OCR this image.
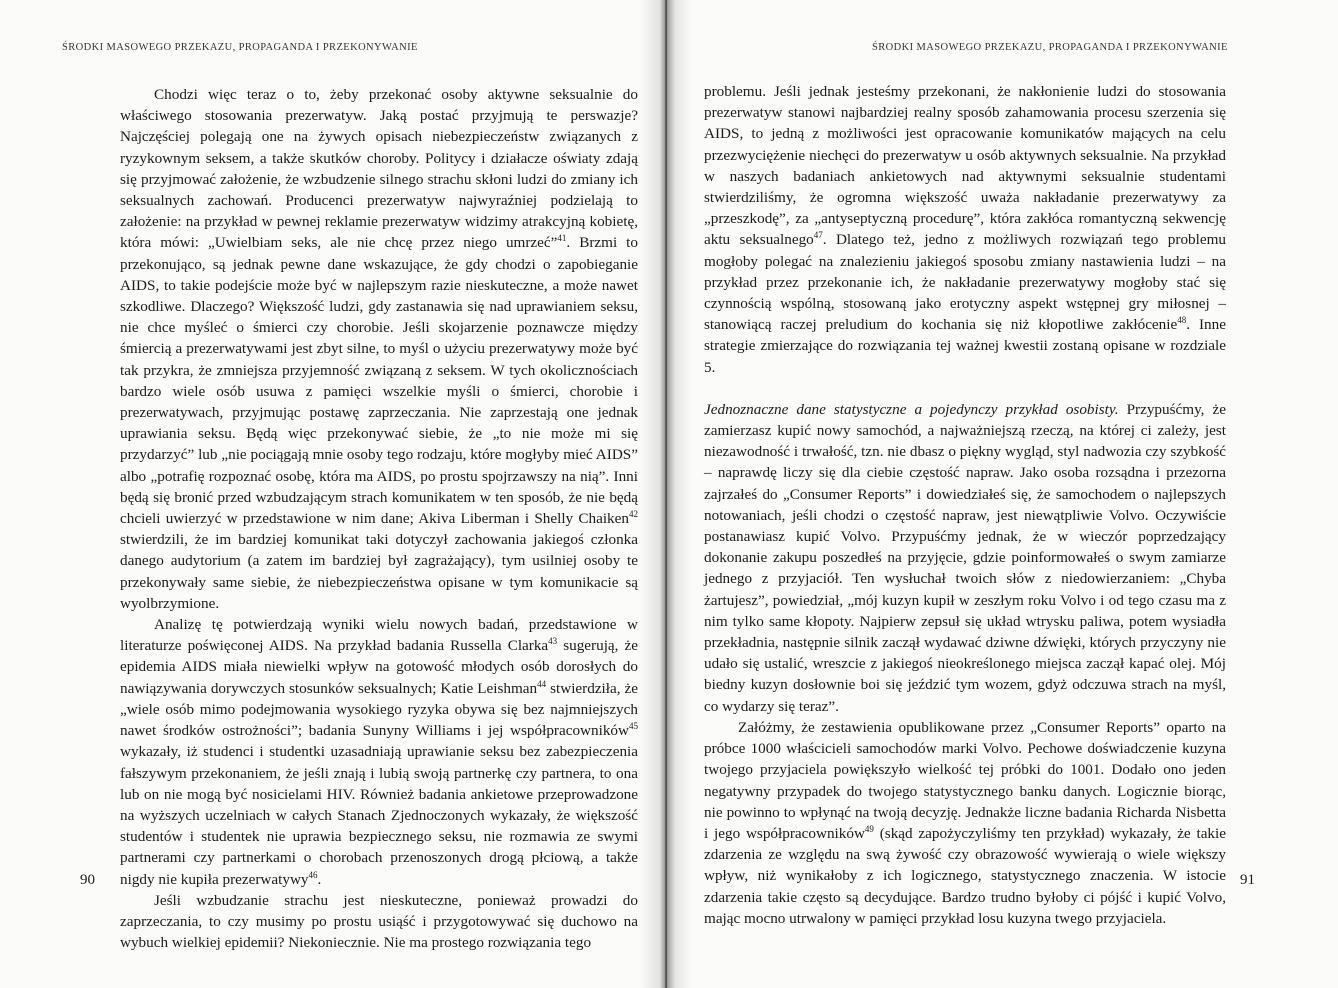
ŚRODKI MASOWEGO PRZEKAZU, PROPAGANDA I PRZEKONYWANIE

Chodzi więc teraz o to, żeby przekonać osoby aktywne seksualnie do właściwego stosowania prezerwatyw. Jaką postać przyjmują te perswazje? Najczęściej polegają one na żywych opisach niebezpieczeństw związanych z ryzykownym seksem, a także skutków choroby. Politycy i działacze oświaty zdają się przyjmować założenie, że wzbudzenie silnego strachu skłoni ludzi do zmiany ich seksualnych zachowań. Producenci prezerwatyw najwyraźniej podzielają to założenie: na przykład w pewnej reklamie prezerwatyw widzimy atrakcyjną kobietę, która mówi: „Uwielbiam seks, ale nie chcę przez niego umrzeć”$^{41}$. Brzmi to przekonująco, są jednak pewne dane wskazujące, że gdy chodzi o zapobieganie AIDS, to takie podejście może być w najlepszym razie nieskuteczne, a może nawet szkodliwe. Dlaczego? Większość ludzi, gdy zastanawia się nad uprawianiem seksu, nie chce myśleć o śmierci czy chorobie. Jeśli skojarzenie poznawcze między śmiercią a prezerwatywami jest zbyt silne, to myśl o użyciu prezerwatywy może być tak przykra, że zmniejsza przyjemność związaną z seksem. W tych okolicznościach bardzo wiele osób usuwa z pamięci wszelkie myśli o śmierci, chorobie i prezerwatywach, przyjmując postawę zaprzeczania. Nie zaprzestają one jednak uprawiania seksu. Będą więc przekonywać siebie, że „to nie może mi się przydarzyć” lub „nie pociągają mnie osoby tego rodzaju, które mogłyby mieć AIDS” albo „potrafię rozpoznać osobę, która ma AIDS, po prostu spojrzawszy na nią”. Inni będą się bronić przed wzbudzającym strach komunikatem w ten sposób, że nie będą chcieli uwierzyć w przedstawione w nim dane; Akiva Liberman i Shelly Chaiken$^{42}$ stwierdzili, że im bardziej komunikat taki dotyczył zachowania jakiegoś członka danego audytorium (a zatem im bardziej był zagrażający), tym usilniej osoby te przekonywały same siebie, że niebezpieczeństwa opisane w tym komunikacie są wyolbrzymione.

Analizę tę potwierdzają wyniki wielu nowych badań, przedstawione w literaturze poświęconej AIDS. Na przykład badania Russella Clarka$^{43}$ sugerują, że epidemia AIDS miała niewielki wpływ na gotowość młodych osób dorosłych do nawiązywania dorywczych stosunków seksualnych; Katie Leishman$^{44}$ stwierdziła, że „wiele osób mimo podejmowania wysokiego ryzyka obywa się bez najmniejszych nawet środków ostrożności”; badania Sunyny Williams i jej współpracowników$^{45}$ wykazały, iż studenci i studentki uzasadniają uprawianie seksu bez zabezpieczenia fałszywym przekonaniem, że jeśli znają i lubią swoją partnerkę czy partnera, to ona lub on nie mogą być nosicielami HIV. Również badania ankietowe przeprowadzone na wyższych uczelniach w całych Stanach Zjednoczonych wykazały, że większość studentów i studentek nie uprawia bezpiecznego seksu, nie rozmawia ze swymi partnerami czy partnerkami o chorobach przenoszonych drogą płciową, a także nigdy nie kupiła prezerwatywy$^{46}$.

Jeśli wzbudzanie strachu jest nieskuteczne, ponieważ prowadzi do zaprzeczania, to czy musimy po prostu usiąść i przygotowywać się duchowo na wybuch wielkiej epidemii? Niekoniecznie. Nie ma prostego rozwiązania tego

90
ŚRODKI MASOWEGO PRZEKAZU, PROPAGANDA I PRZEKONYWANIE

problemu. Jeśli jednak jesteśmy przekonani, że nakłonienie ludzi do stosowania prezerwatyw stanowi najbardziej realny sposób zahamowania procesu szerzenia się AIDS, to jedną z możliwości jest opracowanie komunikatów mających na celu przezwyciężenie niechęci do prezerwatyw u osób aktywnych seksualnie. Na przykład w naszych badaniach ankietowych nad aktywnymi seksualnie studentami stwierdziliśmy, że ogromna większość uważa nakładanie prezerwatywy za „przeszkodę”, za „antyseptyczną procedurę”, która zakłóca romantyczną sekwencję aktu seksualnego$^{47}$. Dlatego też, jedno z możliwych rozwiązań tego problemu mogłoby polegać na znalezieniu jakiegoś sposobu zmiany nastawienia ludzi – na przykład przez przekonanie ich, że nakładanie prezerwatywy mogłoby stać się czynnością wspólną, stosowaną jako erotyczny aspekt wstępnej gry miłosnej – stanowiącą raczej preludium do kochania się niż kłopotliwe zakłócenie$^{48}$. Inne strategie zmierzające do rozwiązania tej ważnej kwestii zostaną opisane w rozdziale 5.

Jednoznaczne dane statystyczne a pojedynczy przykład osobisty. Przypuśćmy, że zamierzasz kupić nowy samochód, a najważniejszą rzeczą, na której ci zależy, jest niezawodność i trwałość, tzn. nie dbasz o piękny wygląd, styl nadwozia czy szybkość – naprawdę liczy się dla ciebie częstość napraw. Jako osoba rozsądna i przezorna zajrzałeś do „Consumer Reports” i dowiedziałeś się, że samochodem o najlepszych notowaniach, jeśli chodzi o częstość napraw, jest niewątpliwie Volvo. Oczywiście postanawiasz kupić Volvo. Przypuśćmy jednak, że w wieczór poprzedzający dokonanie zakupu poszedłeś na przyjęcie, gdzie poinformowałeś o swym zamiarze jednego z przyjaciół. Ten wysłuchał twoich słów z niedowierzaniem: „Chyba żartujesz”, powiedział, „mój kuzyn kupił w zeszłym roku Volvo i od tego czasu ma z nim tylko same kłopoty. Najpierw zepsuł się układ wtrysku paliwa, potem wysiadła przekładnia, następnie silnik zaczął wydawać dziwne dźwięki, których przyczyny nie udało się ustalić, wreszcie z jakiegoś nieokreślonego miejsca zaczął kapać olej. Mój biedny kuzyn dosłownie boi się jeździć tym wozem, gdyż odczuwa strach na myśl, co wydarzy się teraz”.

Załóżmy, że zestawienia opublikowane przez „Consumer Reports” oparto na próbce 1000 właścicieli samochodów marki Volvo. Pechowe doświadczenie kuzyna twojego przyjaciela powiększyło wielkość tej próbki do 1001. Dodało ono jeden negatywny przypadek do twojego statystycznego banku danych. Logicznie biorąc, nie powinno to wpłynąć na twoją decyzję. Jednakże liczne badania Richarda Nisbetta i jego współpracowników$^{49}$ (skąd zapożyczyliśmy ten przykład) wykazały, że takie zdarzenia ze względu na swą żywość czy obrazowość wywierają o wiele większy wpływ, niż wynikałoby z ich logicznego, statystycznego znaczenia. W istocie zdarzenia takie często są decydujące. Bardzo trudno byłoby ci pójść i kupić Volvo, mając mocno utrwalony w pamięci przykład losu kuzyna twego przyjaciela.

91
